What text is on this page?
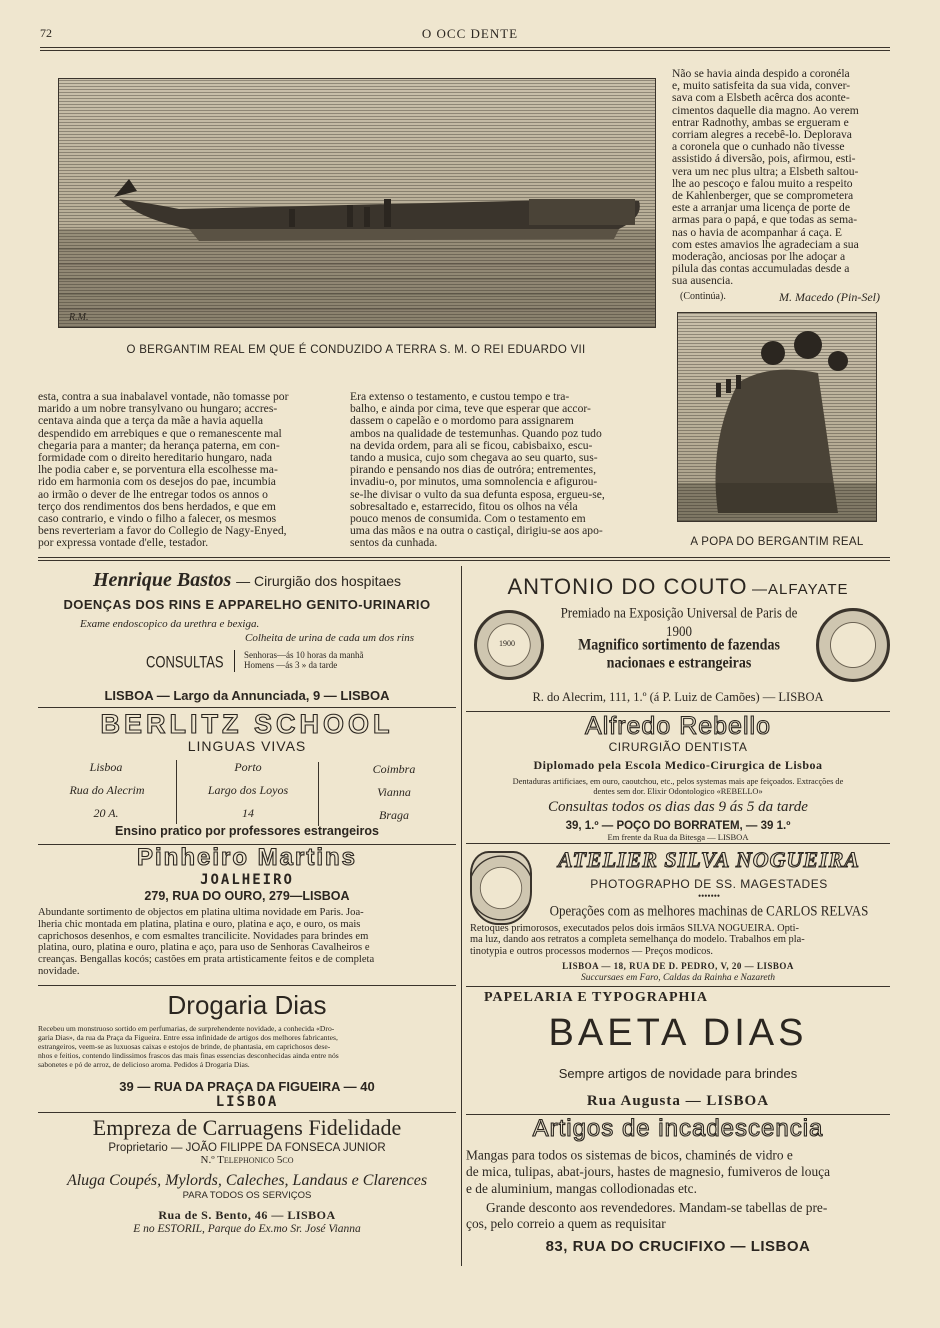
72	O OCC DENTE
R.M.
O BERGANTIM REAL EM QUE É CONDUZIDO A TERRA S. M. O REI EDUARDO VII
Não se havia ainda despido a coronéla
e, muito satisfeita da sua vida, conver-
sava com a Elsbeth acêrca dos aconte-
cimentos daquelle dia magno. Ao verem
entrar Radnothy, ambas se ergueram e
corriam alegres a recebê-lo. Deplorava
a coronela que o cunhado não tivesse
assistido á diversão, pois, afirmou, esti-
vera um nec plus ultra; a Elsbeth saltou-
lhe ao pescoço e falou muito a respeito
de Kahlenberger, que se comprometera
este a arranjar uma licença de porte de
armas para o papá, e que todas as sema-
nas o havia de acompanhar á caça. E
com estes amavios lhe agradeciam a sua
moderação, anciosas por lhe adoçar a
pilula das contas accumuladas desde a
sua ausencia.
(Continúa).	M. Macedo (Pin-Sel)
A POPA DO BERGANTIM REAL
esta, contra a sua inabalavel vontade, não tomasse por
marido a um nobre transylvano ou hungaro; accres-
centava ainda que a terça da mãe a havia aquella
despendido em arrebiques e que o remanescente mal
chegaria para a manter; da herança paterna, em con-
formidade com o direito hereditario hungaro, nada
lhe podia caber e, se porventura ella escolhesse ma-
rido em harmonia com os desejos do pae, incumbia
ao irmão o dever de lhe entregar todos os annos o
terço dos rendimentos dos bens herdados, e que em
caso contrario, e vindo o filho a falecer, os mesmos
bens reverteriam a favor do Collegio de Nagy-Enyed,
por expressa vontade d'elle, testador.
Era extenso o testamento, e custou tempo e tra-
balho, e ainda por cima, teve que esperar que accor-
dassem o capelão e o mordomo para assignarem
ambos na qualidade de testemunhas. Quando poz tudo
na devida ordem, para ali se ficou, cabisbaixo, escu-
tando a musica, cujo som chegava ao seu quarto, sus-
pirando e pensando nos dias de outróra; entrementes,
invadiu-o, por minutos, uma somnolencia e afigurou-
se-lhe divisar o vulto da sua defunta esposa, ergueu-se,
sobresaltado e, estarrecido, fitou os olhos na véla
pouco menos de consumida. Com o testamento em
uma das mãos e na outra o castiçal, dirigiu-se aos apo-
sentos da cunhada.
Henrique Bastos — Cirurgião dos hospitaes
DOENÇAS DOS RINS E APPARELHO GENITO-URINARIO
Exame endoscopico da urethra e bexiga.
Colheita de urina de cada um dos rins
CONSULTAS Senhoras—ás 10 horas da manhã
Homens —ás 3 » da tarde
LISBOA — Largo da Annunciada, 9 — LISBOA
BERLITZ SCHOOL
LINGUAS VIVAS
Lisboa	Porto	Coimbra
Rua do Alecrim	Largo dos Loyos	Vianna
20 A.	14	Braga
Ensino pratico por professores estrangeiros
Pinheiro Martins
JOALHEIRO
279, RUA DO OURO, 279—LISBOA
Abundante sortimento de objectos em platina ultima novidade em Paris. Joa-
lheria chic montada em platina, platina e ouro, platina e aço, e ouro, os mais
caprichosos desenhos, e com esmaltes trancilicite. Novidades para brindes em
platina, ouro, platina e ouro, platina e aço, para uso de Senhoras Cavalheiros e
creanças. Bengallas kocós; castões em prata artisticamente feitos e de completa
novidade.
Drogaria Dias
Recebeu um monstruoso sortido em perfumarias, de surprehendente novidade, a conhecida «Dro-
garia Dias», da rua da Praça da Figueira. Entre essa infinidade de artigos dos melhores fabricantes,
estrangeiros, veem-se as luxuosas caixas e estojos de brinde, de phantasia, em caprichosos dese-
nhos e feitios, contendo lindissimos frascos das mais finas essencias desconhecidas ainda entre nós
sabonetes e pó de arroz, de delicioso aroma. Pedidos á Drogaria Dias.
39 — RUA DA PRAÇA DA FIGUEIRA — 40
LISBOA
Empreza de Carruagens Fidelidade
Proprietario — JOÃO FILIPPE DA FONSECA JUNIOR
N.º Telephonico 5co
Aluga Coupés, Mylords, Caleches, Landaus e Clarences
PARA TODOS OS SERVIÇOS
Rua de S. Bento, 46 — LISBOA
E no ESTORIL, Parque do Ex.mo Sr. José Vianna
ANTONIO DO COUTO —ALFAYATE
1900
Premiado na Exposição Universal de Paris de 1900
Magnifico sortimento de fazendas
nacionaes e estrangeiras
R. do Alecrim, 111, 1.º (á P. Luiz de Camões) — LISBOA
Alfredo Rebello
CIRURGIÃO DENTISTA
Diplomado pela Escola Medico-Cirurgica de Lisboa
Dentaduras artificiaes, em ouro, caoutchou, etc., pelos systemas mais ape feiçoados. Extracções de
dentes sem dor. Elixir Odontologico «REBELLO»
Consultas todos os dias das 9 ás 5 da tarde
39, 1.º — POÇO DO BORRATEM, — 39 1.º
Em frente da Rua da Bitesga — LISBOA
ATELIER SILVA NOGUEIRA
PHOTOGRAPHO DE SS. MAGESTADES
•••••••
Operações com as melhores machinas de CARLOS RELVAS
Retoques primorosos, executados pelos dois irmãos SILVA NOGUEIRA. Opti-
ma luz, dando aos retratos a completa semelhança do modelo. Trabalhos em pla-
tinotypia e outros processos modernos — Preços modicos.
LISBOA — 18, RUA DE D. PEDRO, V, 20 — LISBOA
Succursaes em Faro, Caldas da Rainha e Nazareth
PAPELARIA E TYPOGRAPHIA
BAETA DIAS
Sempre artigos de novidade para brindes
Rua Augusta — LISBOA
Artigos de incadescencia
Mangas para todos os sistemas de bicos, chaminés de vidro e
de mica, tulipas, abat-jours, hastes de magnesio, fumiveros de louça
e de aluminium, mangas collodionadas etc.
Grande desconto aos revendedores. Mandam-se tabellas de pre-
ços, pelo correio a quem as requisitar
83, RUA DO CRUCIFIXO — LISBOA
